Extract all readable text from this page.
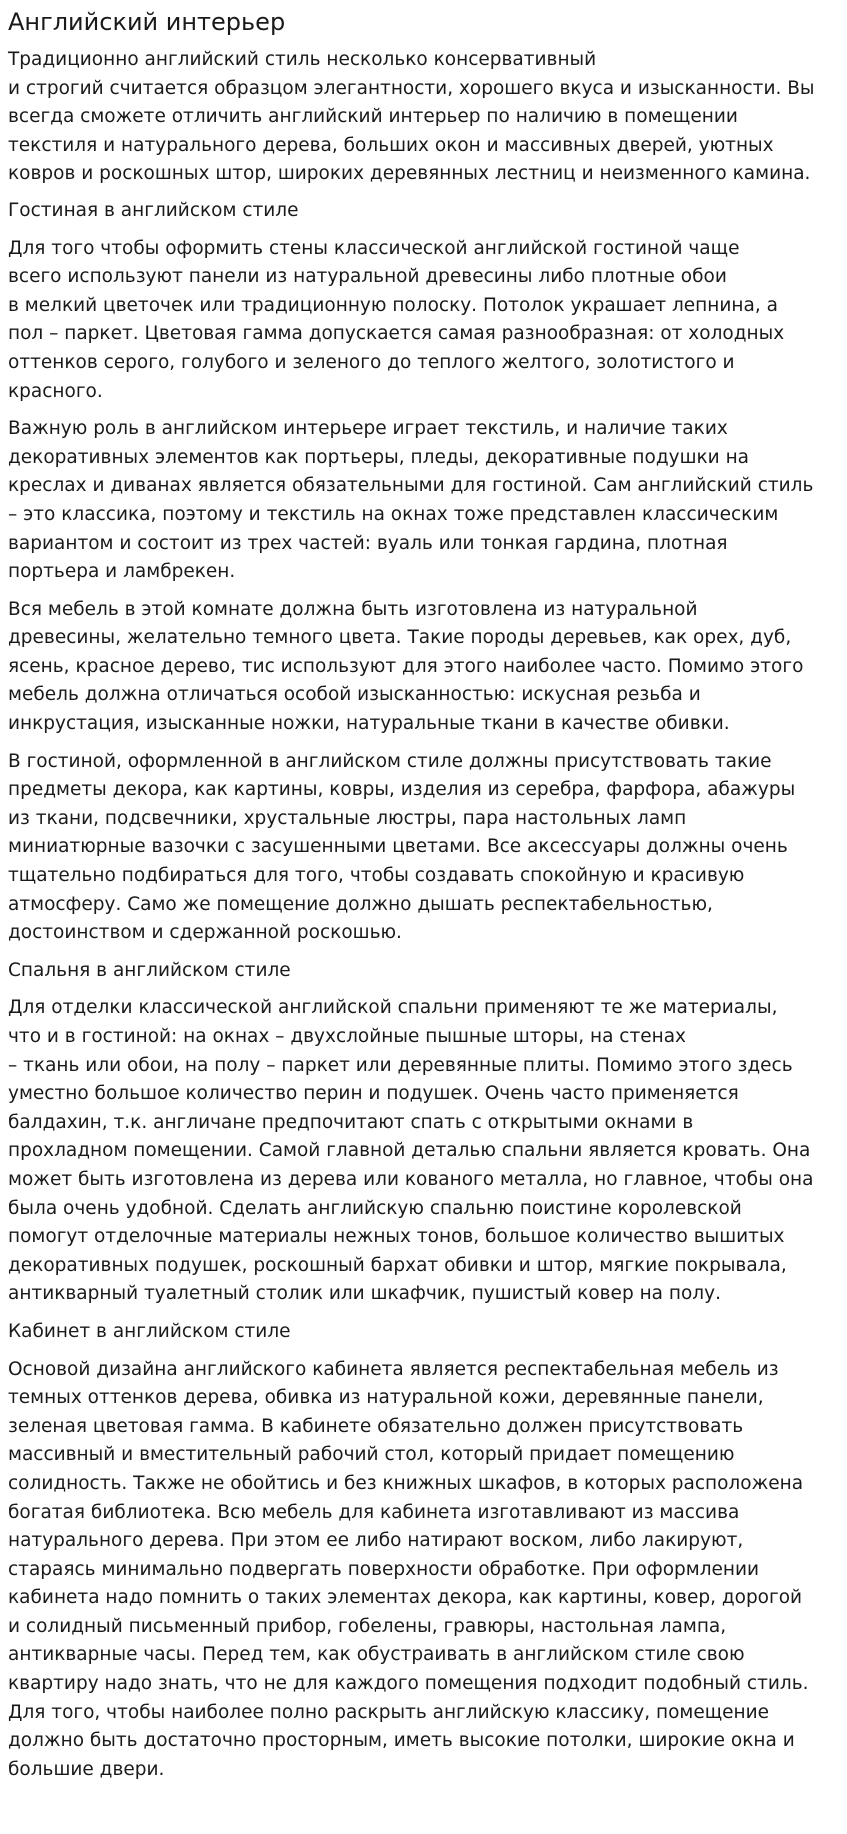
Английский интерьер
Традиционно английский стиль несколько консервативный
и строгий считается образцом элегантности, хорошего вкуса и изысканности. Вы
всегда сможете отличить английский интерьер по наличию в помещении
текстиля и натурального дерева, больших окон и массивных дверей, уютных
ковров и роскошных штор, широких деревянных лестниц и неизменного камина.
Гостиная в английском стиле
Для того чтобы оформить стены классической английской гостиной чаще
всего используют панели из натуральной древесины либо плотные обои
в мелкий цветочек или традиционную полоску. Потолок украшает лепнина, а
пол – паркет. Цветовая гамма допускается самая разнообразная: от холодных
оттенков серого, голубого и зеленого до теплого желтого, золотистого и
красного.
Важную роль в английском интерьере играет текстиль, и наличие таких
декоративных элементов как портьеры, пледы, декоративные подушки на
креслах и диванах является обязательными для гостиной. Сам английский стиль
– это классика, поэтому и текстиль на окнах тоже представлен классическим
вариантом и состоит из трех частей: вуаль или тонкая гардина, плотная
портьера и ламбрекен.
Вся мебель в этой комнате должна быть изготовлена из натуральной
древесины, желательно темного цвета. Такие породы деревьев, как орех, дуб,
ясень, красное дерево, тис используют для этого наиболее часто. Помимо этого
мебель должна отличаться особой изысканностью: искусная резьба и
инкрустация, изысканные ножки, натуральные ткани в качестве обивки.
В гостиной, оформленной в английском стиле должны присутствовать такие
предметы декора, как картины, ковры, изделия из серебра, фарфора, абажуры
из ткани, подсвечники, хрустальные люстры, пара настольных ламп
миниатюрные вазочки с засушенными цветами. Все аксессуары должны очень
тщательно подбираться для того, чтобы создавать спокойную и красивую
атмосферу. Само же помещение должно дышать респектабельностью,
достоинством и сдержанной роскошью.
Спальня в английском стиле
Для отделки классической английской спальни применяют те же материалы,
что и в гостиной: на окнах – двухслойные пышные шторы, на стенах
– ткань или обои, на полу – паркет или деревянные плиты. Помимо этого здесь
уместно большое количество перин и подушек. Очень часто применяется
балдахин, т.к. англичане предпочитают спать с открытыми окнами в
прохладном помещении. Самой главной деталью спальни является кровать. Она
может быть изготовлена из дерева или кованого металла, но главное, чтобы она
была очень удобной. Сделать английскую спальню поистине королевской
помогут отделочные материалы нежных тонов, большое количество вышитых
декоративных подушек, роскошный бархат обивки и штор, мягкие покрывала,
антикварный туалетный столик или шкафчик, пушистый ковер на полу.
Кабинет в английском стиле
Основой дизайна английского кабинета является респектабельная мебель из
темных оттенков дерева, обивка из натуральной кожи, деревянные панели,
зеленая цветовая гамма. В кабинете обязательно должен присутствовать
массивный и вместительный рабочий стол, который придает помещению
солидность. Также не обойтись и без книжных шкафов, в которых расположена
богатая библиотека. Всю мебель для кабинета изготавливают из массива
натурального дерева. При этом ее либо натирают воском, либо лакируют,
стараясь минимально подвергать поверхности обработке. При оформлении
кабинета надо помнить о таких элементах декора, как картины, ковер, дорогой
и солидный письменный прибор, гобелены, гравюры, настольная лампа,
антикварные часы. Перед тем, как обустраивать в английском стиле свою
квартиру надо знать, что не для каждого помещения подходит подобный стиль.
Для того, чтобы наиболее полно раскрыть английскую классику, помещение
должно быть достаточно просторным, иметь высокие потолки, широкие окна и
большие двери.
